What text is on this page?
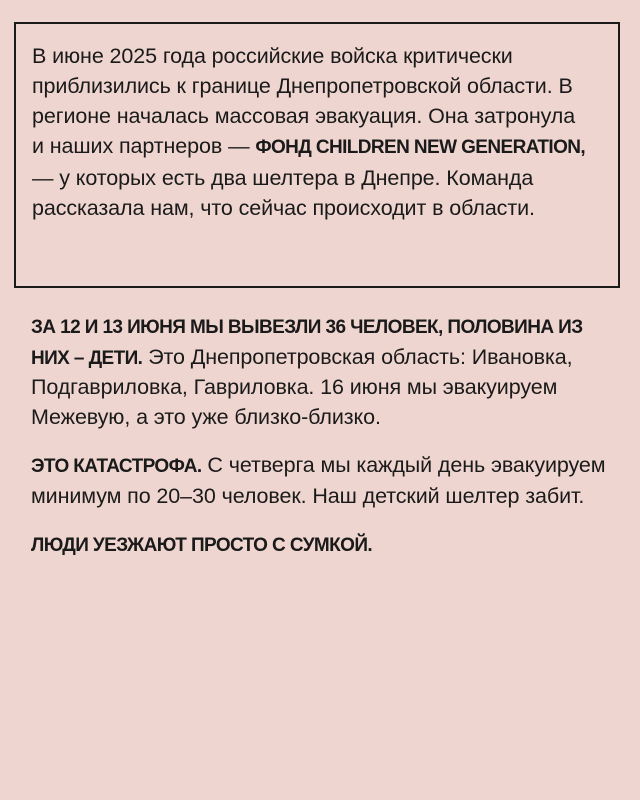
В июне 2025 года российские войска критически приблизились к границе Днепропетровской области. В регионе началась массовая эвакуация. Она затронула
и наших партнеров — ФОНД CHILDREN NEW GENERATION, — у которых есть два шелтера в Днепре. Команда рассказала нам, что сейчас происходит в области.

ЗА 12 И 13 ИЮНЯ МЫ ВЫВЕЗЛИ 36 ЧЕЛОВЕК, ПОЛОВИНА ИЗ НИХ – ДЕТИ. Это Днепропетровская область: Ивановка, Подгавриловка, Гавриловка. 16 июня мы эвакуируем Межевую, а это уже близко-близко.

ЭТО КАТАСТРОФА. С четверга мы каждый день эвакуируем минимум по 20–30 человек. Наш детский шелтер забит.

ЛЮДИ УЕЗЖАЮТ ПРОСТО С СУМКОЙ.
